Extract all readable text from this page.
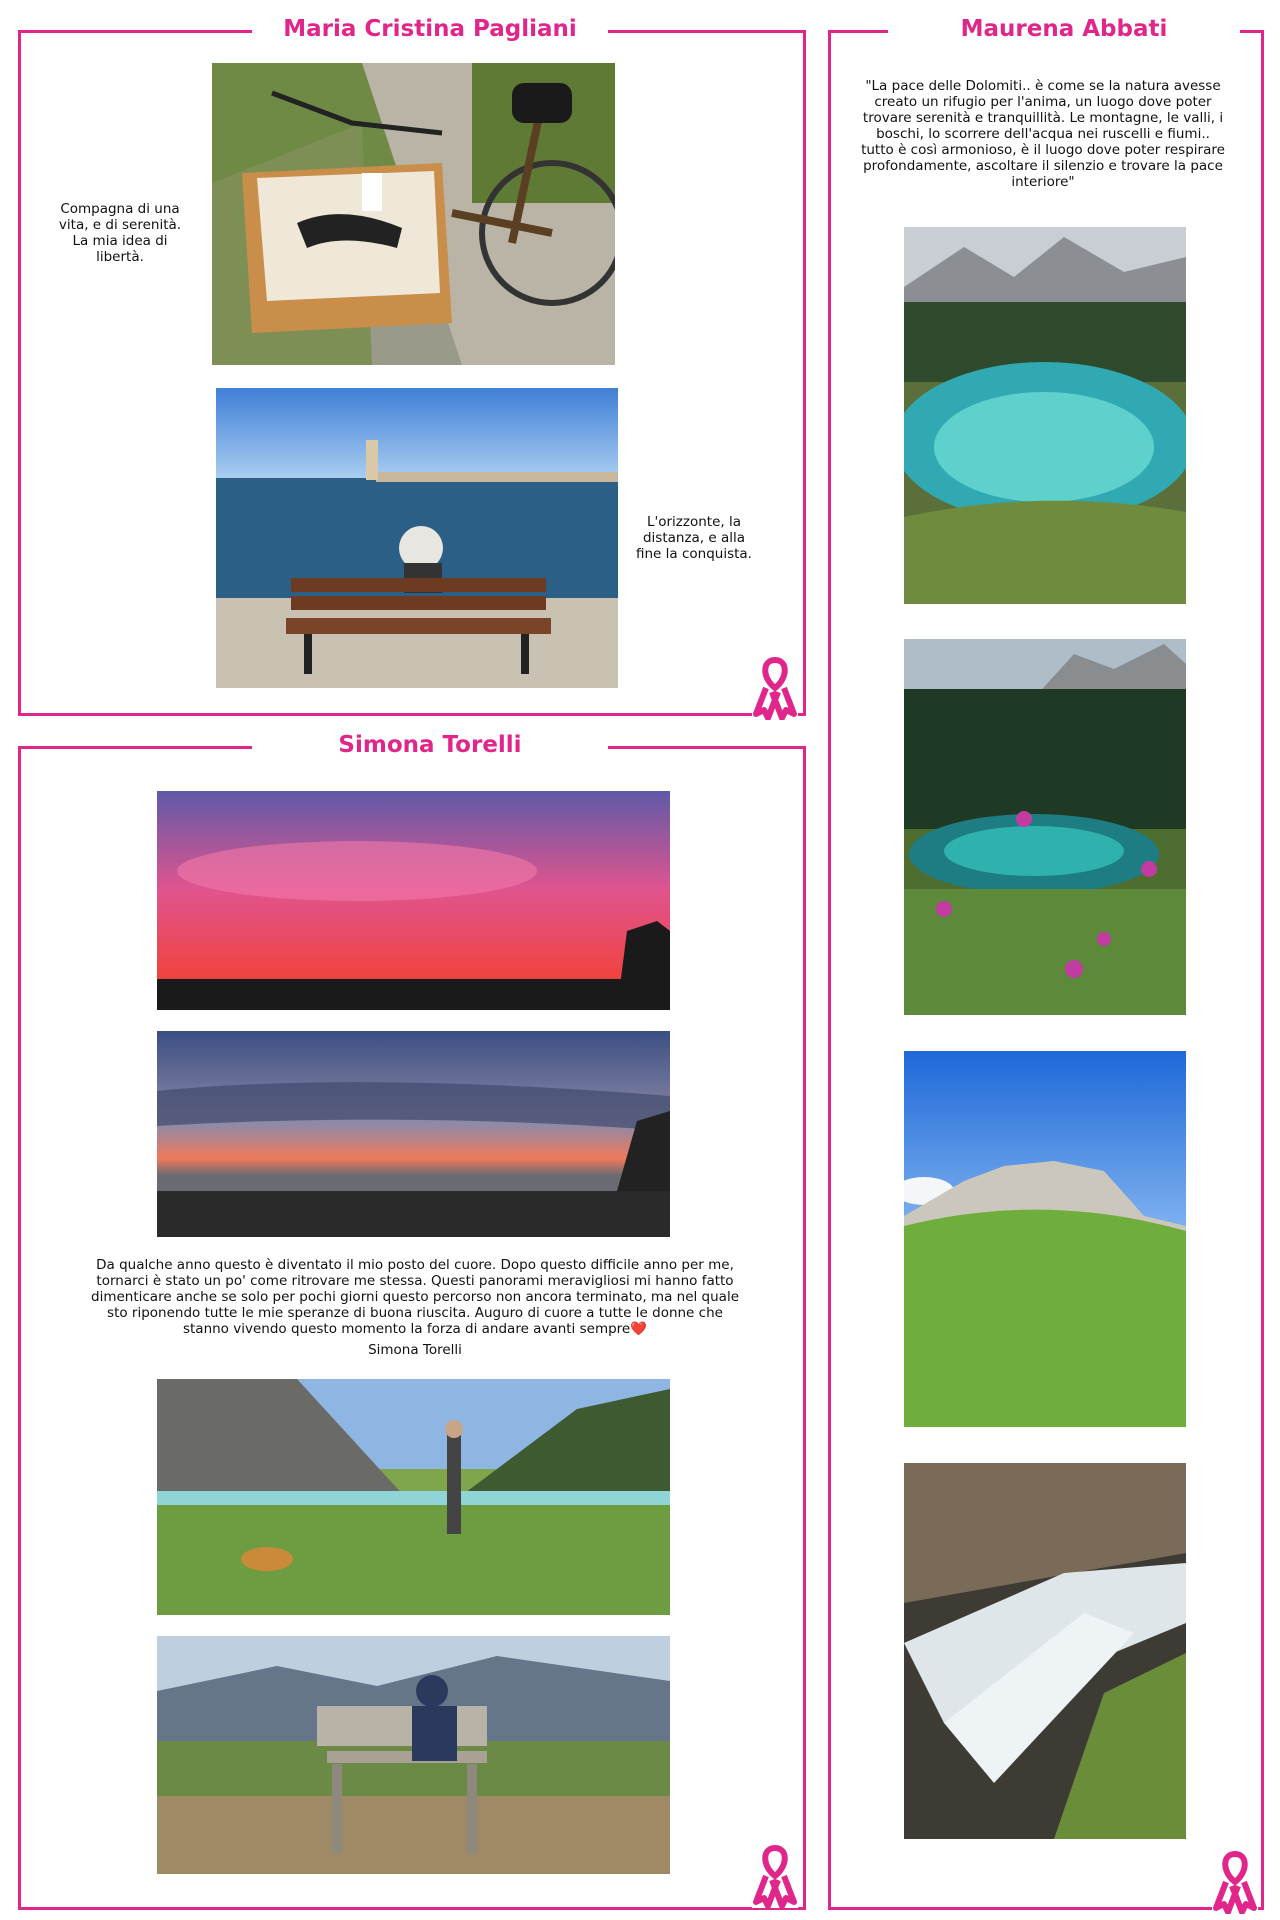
Maria Cristina Pagliani	Maurena Abbati
Simona Torelli
Compagna di una vita, e di serenità. La mia idea di libertà.
L'orizzonte, la distanza, e alla fine la conquista.
"La pace delle Dolomiti.. è come se la natura avesse creato un rifugio per l'anima, un luogo dove poter trovare serenità e tranquillità. Le montagne, le valli, i boschi, lo scorrere dell'acqua nei ruscelli e fiumi.. tutto è così armonioso, è il luogo dove poter respirare profondamente, ascoltare il silenzio e trovare la pace interiore"
Da qualche anno questo è diventato il mio posto del cuore. Dopo questo difficile anno per me, tornarci è stato un po' come ritrovare me stessa. Questi panorami meravigliosi mi hanno fatto dimenticare anche se solo per pochi giorni questo percorso non ancora terminato, ma nel quale sto riponendo tutte le mie speranze di buona riuscita. Auguro di cuore a tutte le donne che stanno vivendo questo momento la forza di andare avanti sempre❤️
Simona Torelli
